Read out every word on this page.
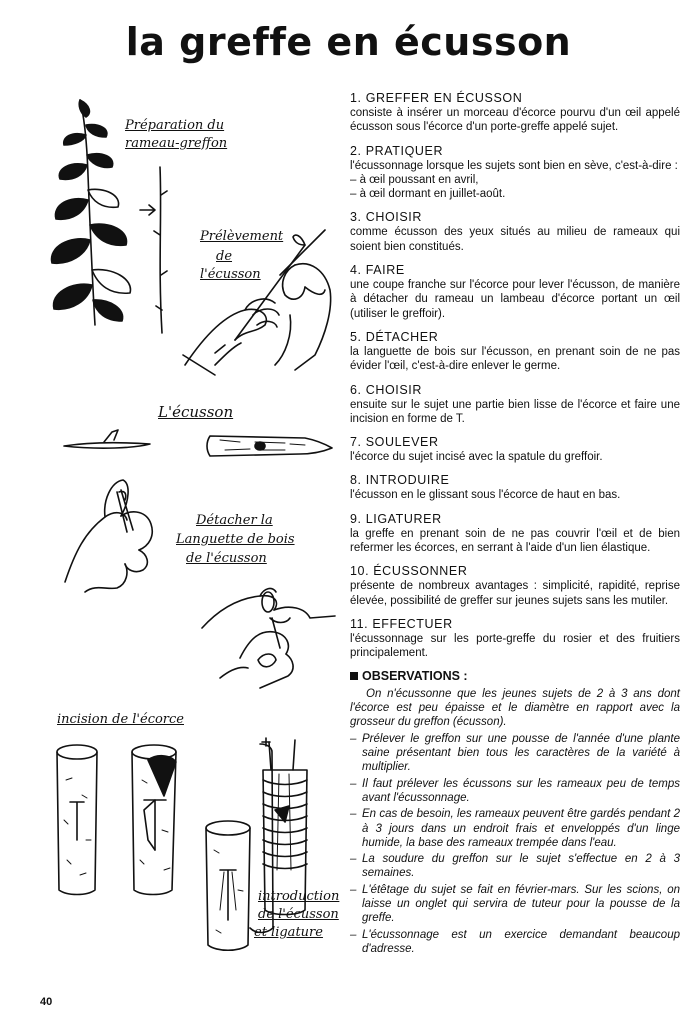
la greffe en écusson
Préparation du
rameau-greffon
Prélèvement
de
l'écusson
L'écusson
Détacher la
Languette de bois
de l'écusson
incision de l'écorce
introduction
de l'écusson
et ligature
1. GREFFER EN ÉCUSSON
consiste à insérer un morceau d'écorce pourvu d'un œil appelé écusson sous l'écorce d'un porte-greffe appelé sujet.
2. PRATIQUER
l'écussonnage lorsque les sujets sont bien en sève, c'est-à-dire :
– à œil poussant en avril,
– à œil dormant en juillet-août.
3. CHOISIR
comme écusson des yeux situés au milieu de rameaux qui soient bien constitués.
4. FAIRE
une coupe franche sur l'écorce pour lever l'écusson, de manière à détacher du rameau un lambeau d'écorce portant un œil (utiliser le greffoir).
5. DÉTACHER
la languette de bois sur l'écusson, en prenant soin de ne pas évider l'œil, c'est-à-dire enlever le germe.
6. CHOISIR
ensuite sur le sujet une partie bien lisse de l'écorce et faire une incision en forme de T.
7. SOULEVER
l'écorce du sujet incisé avec la spatule du greffoir.
8. INTRODUIRE
l'écusson en le glissant sous l'écorce de haut en bas.
9. LIGATURER
la greffe en prenant soin de ne pas couvrir l'œil et de bien refermer les écorces, en serrant à l'aide d'un lien élastique.
10. ÉCUSSONNER
présente de nombreux avantages : simplicité, rapidité, reprise élevée, possibilité de greffer sur jeunes sujets sans les mutiler.
11. EFFECTUER
l'écussonnage sur les porte-greffe du rosier et des fruitiers principalement.
OBSERVATIONS :
On n'écussonne que les jeunes sujets de 2 à 3 ans dont l'écorce est peu épaisse et le diamètre en rapport avec la grosseur du greffon (écusson).
– Prélever le greffon sur une pousse de l'année d'une plante saine présentant bien tous les caractères de la variété à multiplier.
– Il faut prélever les écussons sur les rameaux peu de temps avant l'écussonnage.
– En cas de besoin, les rameaux peuvent être gardés pendant 2 à 3 jours dans un endroit frais et enveloppés d'un linge humide, la base des rameaux trempée dans l'eau.
– La soudure du greffon sur le sujet s'effectue en 2 à 3 semaines.
– L'étêtage du sujet se fait en février-mars. Sur les scions, on laisse un onglet qui servira de tuteur pour la pousse de la greffe.
– L'écussonnage est un exercice demandant beaucoup d'adresse.
40
